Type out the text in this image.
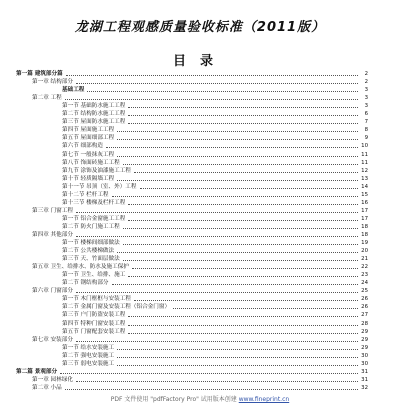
龙湖工程观感质量验收标准（2011版）
目录
第一篇 建筑部分篇	2
第一章 结构部分	2
基础工程	3
第二章 工程	3
第一节 基础防水施工工程	3
第二节 结构防水施工工程	6
第三节 屋面防水施工工程	7
第四节 屋面施工工程	8
第五节 屋面细部工程	9
第六节 细部构造	10
第七节 一般抹灰工程	11
第八节 饰面砖施工工程	11
第九节 涂饰及油漆施工工程	12
第十节 轻质隔墙工程	13
第十一节 吊顶（室、外）工程	14
第十二节 栏杆工程	15
第十三节 楼梯及栏杆工程	16
第三章 门窗工程	17
第一节 铝合金窗施工工程	17
第二节 防火门施工工程	18
第四章 其他部分	18
第一节 楼梯间细部做法	19
第二节 公共楼梯做法	20
第三节 天、竹面层做法	21
第五章 卫生、给排水、防水及施工保护	22
第一节 卫生、给排、施工	23
第二节 钢结构部分	24
第六章 门窗部分	25
第一节 木门框框与安装工程	26
第二节 金属门窗及安装工程（铝合金门窗）	26
第三节 户门防盗安装工程	27
第四节 特种门窗安装工程	28
第五节 门窗配套安装工程	29
第七章 安装部分	29
第一节 给水安装施工	29
第二节 强电安装施工	30
第三节 弱电安装施工	30
第二篇 景观部分	31
第一章 园林绿化	31
第二章 小品	32
PDF 文件使用 "pdfFactory Pro" 试用版本创建 www.fineprint.cn
